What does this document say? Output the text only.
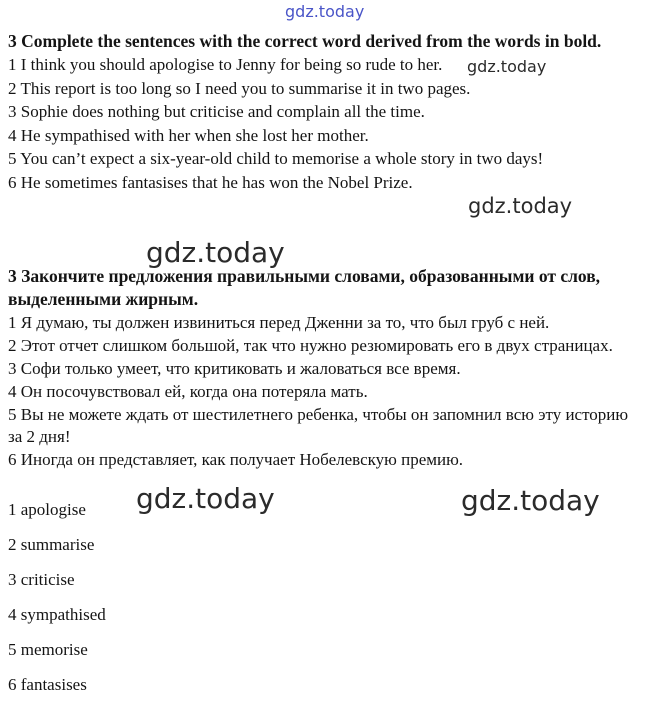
gdz.today
gdz.today
gdz.today
gdz.today
gdz.today	gdz.today

3 Complete the sentences with the correct word derived from the words in bold.

1 I think you should apologise to Jenny for being so rude to her.

2 This report is too long so I need you to summarise it in two pages.

3 Sophie does nothing but criticise and complain all the time.

4 He sympathised with her when she lost her mother.

5 You can’t expect a six-year-old child to memorise a whole story in two days!

6 He sometimes fantasises that he has won the Nobel Prize.

3 Закончите предложения правильными словами, образованными от слов, выделенными жирным.

1 Я думаю, ты должен извиниться перед Дженни за то, что был груб с ней.

2 Этот отчет слишком большой, так что нужно резюмировать его в двух страницах.

3 Софи только умеет, что критиковать и жаловаться все время.

4 Он посочувствовал ей, когда она потеряла мать.

5 Вы не можете ждать от шестилетнего ребенка, чтобы он запомнил всю эту историю за 2 дня!

6 Иногда он представляет, как получает Нобелевскую премию.

1 apologise

2 summarise

3 criticise

4 sympathised

5 memorise

6 fantasises
